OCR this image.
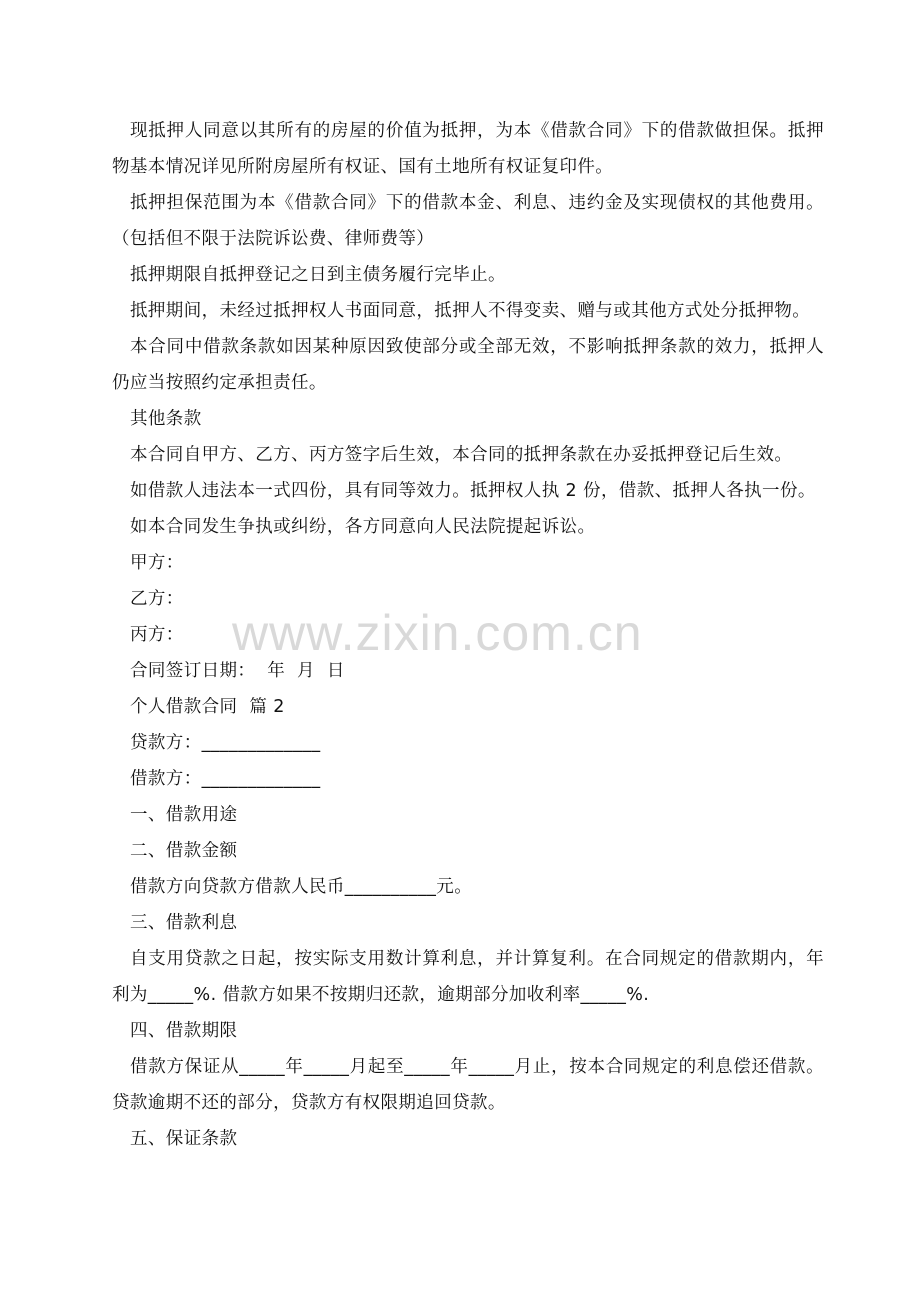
现抵押人同意以其所有的房屋的价值为抵押，为本《借款合同》下的借款做担保。抵押物基本情况详见所附房屋所有权证、国有土地所有权证复印件。

抵押担保范围为本《借款合同》下的借款本金、利息、违约金及实现债权的其他费用。（包括但不限于法院诉讼费、律师费等）

抵押期限自抵押登记之日到主债务履行完毕止。

抵押期间，未经过抵押权人书面同意，抵押人不得变卖、赠与或其他方式处分抵押物。

本合同中借款条款如因某种原因致使部分或全部无效，不影响抵押条款的效力，抵押人仍应当按照约定承担责任。

其他条款

本合同自甲方、乙方、丙方签字后生效，本合同的抵押条款在办妥抵押登记后生效。

如借款人违法本一式四份，具有同等效力。抵押权人执 2 份，借款、抵押人各执一份。

如本合同发生争执或纠纷，各方同意向人民法院提起诉讼。

甲方：

乙方：

丙方：

合同签订日期：  年  月  日

个人借款合同  篇 2

贷款方：_____________

借款方：_____________

一、借款用途

二、借款金额

借款方向贷款方借款人民币__________元。

三、借款利息

自支用贷款之日起，按实际支用数计算利息，并计算复利。在合同规定的借款期内，年利为_____%. 借款方如果不按期归还款，逾期部分加收利率_____%.

四、借款期限

借款方保证从_____年_____月起至_____年_____月止，按本合同规定的利息偿还借款。贷款逾期不还的部分，贷款方有权限期追回贷款。

五、保证条款

www.zixin.com.cn
